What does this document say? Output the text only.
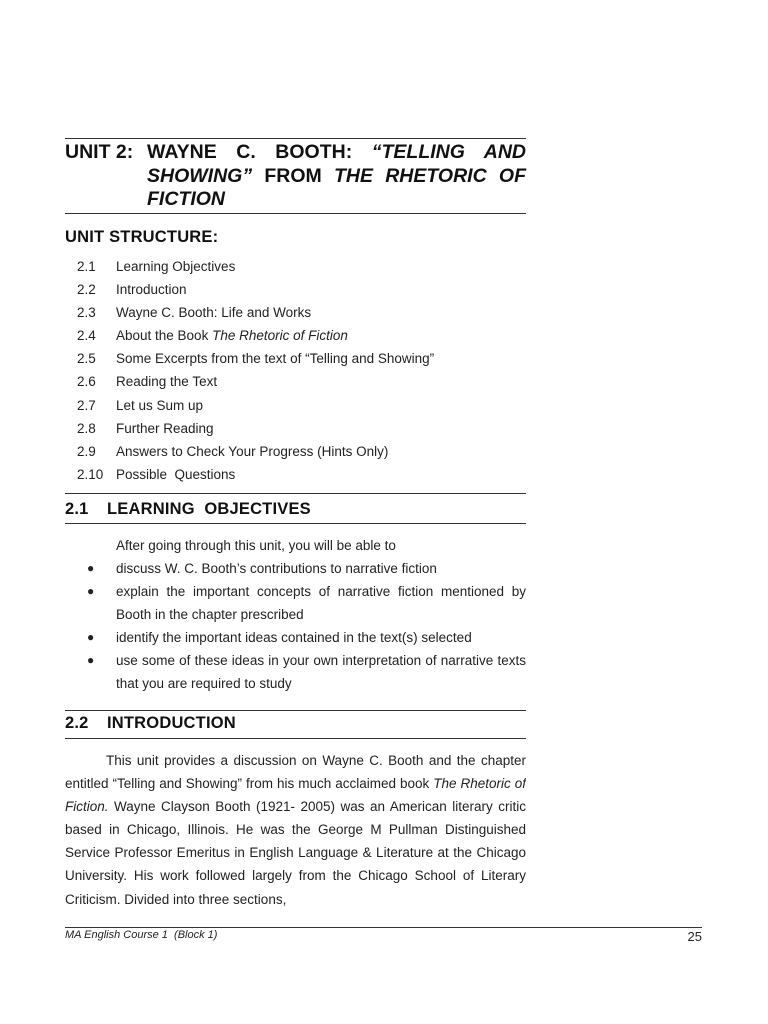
UNIT 2: WAYNE C. BOOTH: “TELLING AND
SHOWING” FROM THE RHETORIC OF
FICTION
UNIT STRUCTURE:
2.1	Learning Objectives
2.2	Introduction
2.3	Wayne C. Booth: Life and Works
2.4	About the Book The Rhetoric of Fiction
2.5	Some Excerpts from the text of “Telling and Showing”
2.6	Reading the Text
2.7	Let us Sum up
2.8	Further Reading
2.9	Answers to Check Your Progress (Hints Only)
2.10 Possible  Questions
2.1 LEARNING  OBJECTIVES
After going through this unit, you will be able to
●	discuss W. C. Booth’s contributions to narrative fiction
●	explain the important concepts of narrative fiction mentioned by Booth in the chapter prescribed
●	identify the important ideas contained in the text(s) selected
●	use some of these ideas in your own interpretation of narrative texts that you are required to study
2.2 INTRODUCTION
This unit provides a discussion on Wayne C. Booth and the chapter entitled “Telling and Showing” from his much acclaimed book The Rhetoric of Fiction. Wayne Clayson Booth (1921- 2005) was an American literary critic based in Chicago, Illinois. He was the George M Pullman Distinguished Service Professor Emeritus in English Language & Literature at the Chicago University. His work followed largely from the Chicago School of Literary Criticism. Divided into three sections,
MA English Course 1  (Block 1)	25
